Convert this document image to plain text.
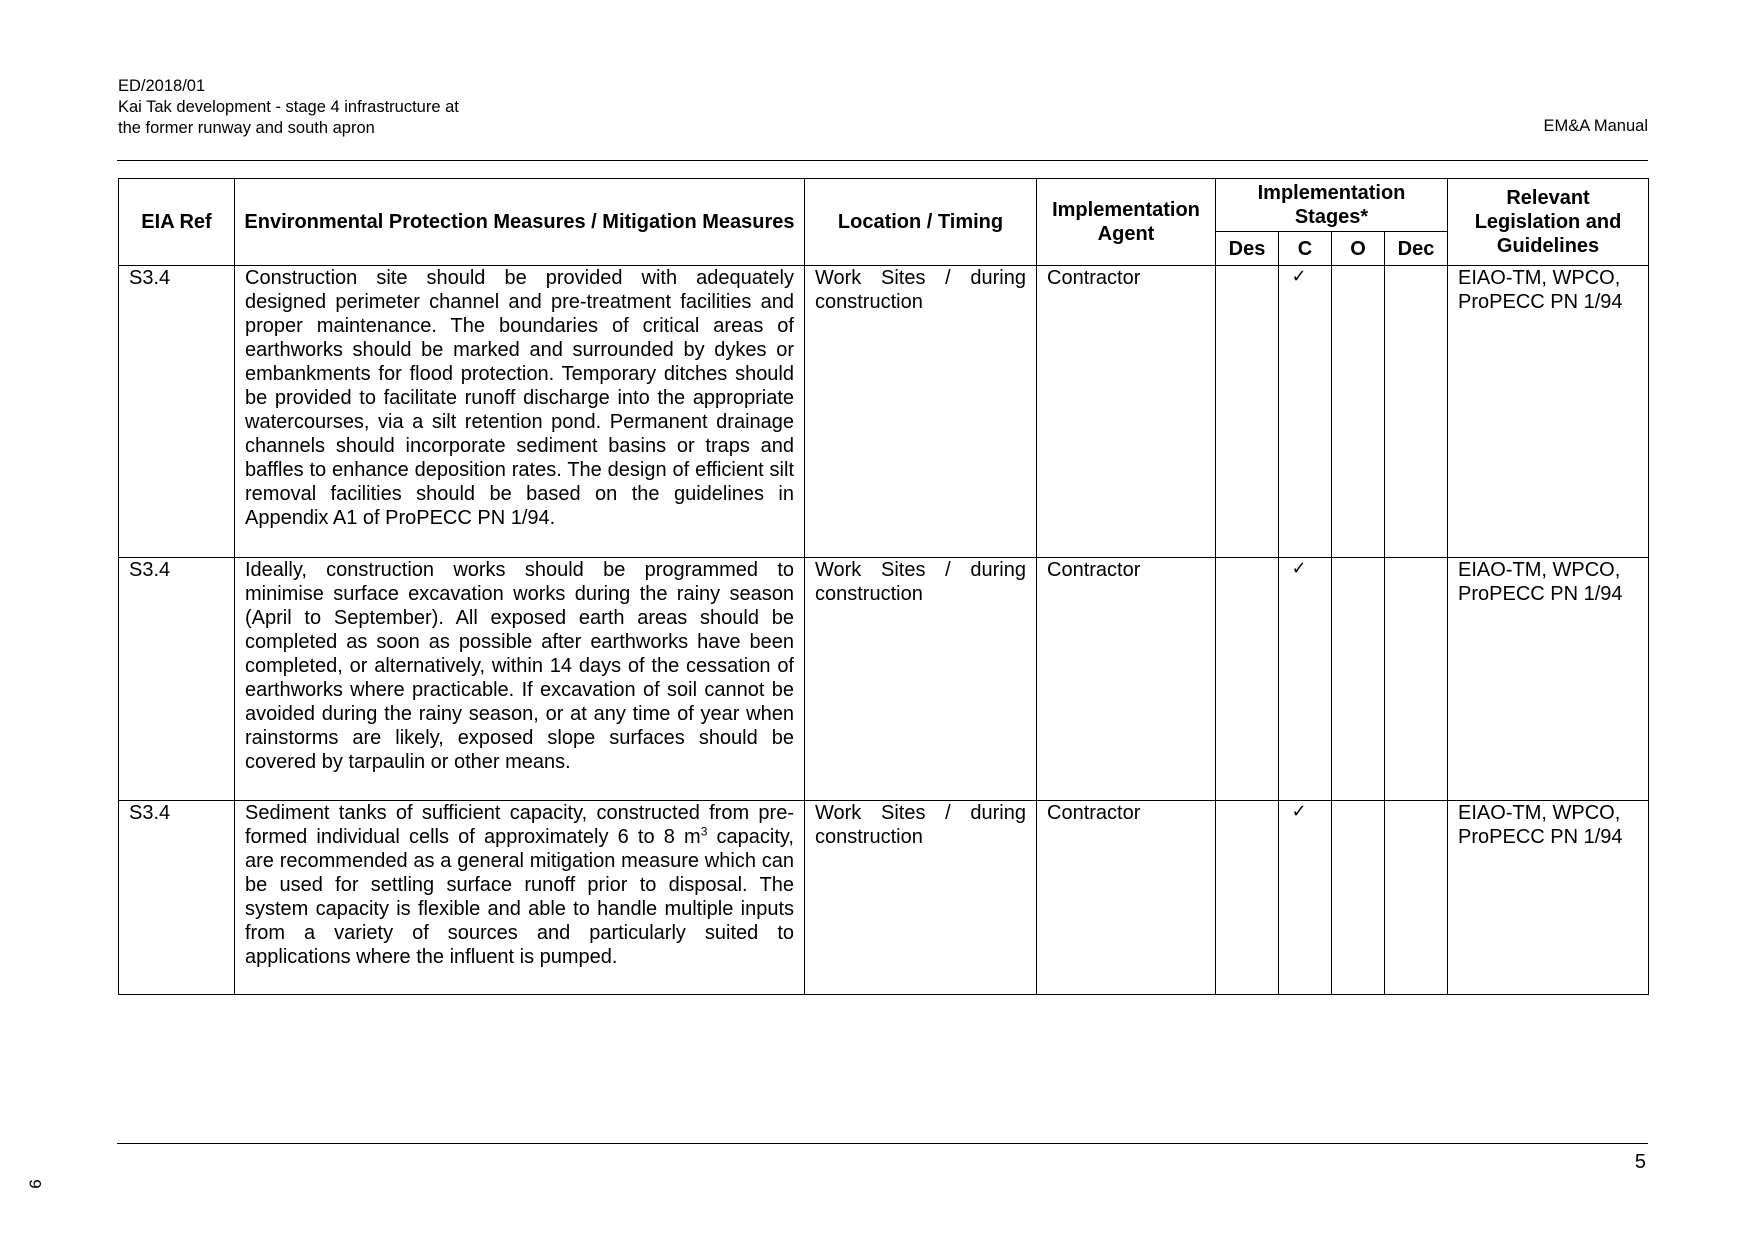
ED/2018/01
Kai Tak development - stage 4 infrastructure at
the former runway and south apron	EM&A Manual
EIA Ref	Environmental Protection Measures / Mitigation Measures	Location / Timing	Implementation Agent	Implementation Stages*				Relevant Legislation and Guidelines
				Des	C	O	Dec	
S3.4	Construction site should be provided with adequately designed perimeter channel and pre-treatment facilities and proper maintenance. The boundaries of critical areas of earthworks should be marked and surrounded by dykes or embankments for flood protection. Temporary ditches should be provided to facilitate runoff discharge into the appropriate watercourses, via a silt retention pond. Permanent drainage channels should incorporate sediment basins or traps and baffles to enhance deposition rates. The design of efficient silt removal facilities should be based on the guidelines in Appendix A1 of ProPECC PN 1/94.	Work Sites / during construction	Contractor		✓			EIAO-TM, WPCO, ProPECC PN 1/94
S3.4	Ideally, construction works should be programmed to minimise surface excavation works during the rainy season (April to September). All exposed earth areas should be completed as soon as possible after earthworks have been completed, or alternatively, within 14 days of the cessation of earthworks where practicable. If excavation of soil cannot be avoided during the rainy season, or at any time of year when rainstorms are likely, exposed slope surfaces should be covered by tarpaulin or other means.	Work Sites / during construction	Contractor		✓			EIAO-TM, WPCO, ProPECC PN 1/94
S3.4	Sediment tanks of sufficient capacity, constructed from pre-formed individual cells of approximately 6 to 8 $m^3$ capacity, are recommended as a general mitigation measure which can be used for settling surface runoff prior to disposal. The system capacity is flexible and able to handle multiple inputs from a variety of sources and particularly suited to applications where the influent is pumped.	Work Sites / during construction	Contractor		✓			EIAO-TM, WPCO, ProPECC PN 1/94
5
9
